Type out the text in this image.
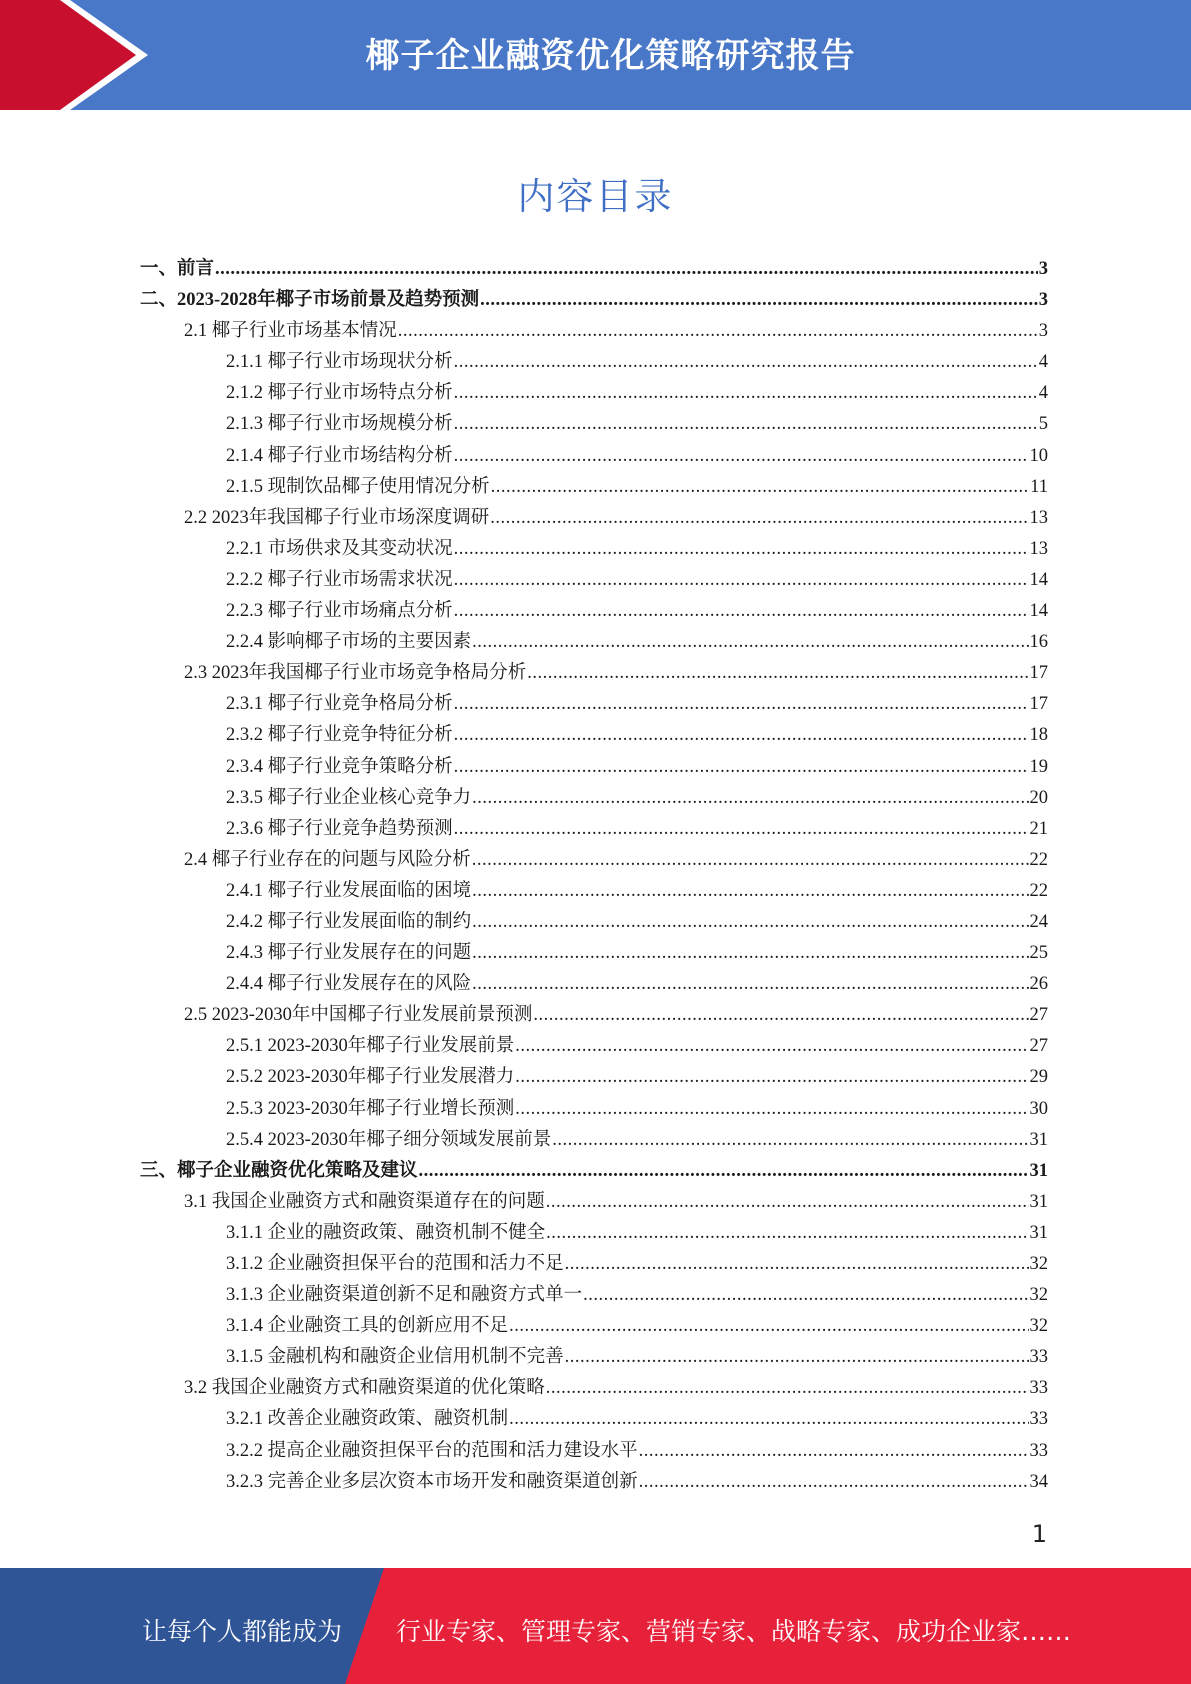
椰子企业融资优化策略研究报告
内容目录
一、前言 .....	3
二、2023-2028年椰子市场前景及趋势预测 .....	3
2.1 椰子行业市场基本情况 .....	3
2.1.1 椰子行业市场现状分析 .....	4
2.1.2 椰子行业市场特点分析 .....	4
2.1.3 椰子行业市场规模分析 .....	5
2.1.4 椰子行业市场结构分析 .....	10
2.1.5 现制饮品椰子使用情况分析 .....	11
2.2 2023年我国椰子行业市场深度调研 .....	13
2.2.1 市场供求及其变动状况 .....	13
2.2.2 椰子行业市场需求状况 .....	14
2.2.3 椰子行业市场痛点分析 .....	14
2.2.4 影响椰子市场的主要因素 .....	16
2.3 2023年我国椰子行业市场竞争格局分析 .....	17
2.3.1 椰子行业竞争格局分析 .....	17
2.3.2 椰子行业竞争特征分析 .....	18
2.3.4 椰子行业竞争策略分析 .....	19
2.3.5 椰子行业企业核心竞争力 .....	20
2.3.6 椰子行业竞争趋势预测 .....	21
2.4 椰子行业存在的问题与风险分析 .....	22
2.4.1 椰子行业发展面临的困境 .....	22
2.4.2 椰子行业发展面临的制约 .....	24
2.4.3 椰子行业发展存在的问题 .....	25
2.4.4 椰子行业发展存在的风险 .....	26
2.5 2023-2030年中国椰子行业发展前景预测 .....	27
2.5.1 2023-2030年椰子行业发展前景 .....	27
2.5.2 2023-2030年椰子行业发展潜力 .....	29
2.5.3 2023-2030年椰子行业增长预测 .....	30
2.5.4 2023-2030年椰子细分领域发展前景 .....	31
三、椰子企业融资优化策略及建议 .....	31
3.1 我国企业融资方式和融资渠道存在的问题 .....	31
3.1.1 企业的融资政策、融资机制不健全 .....	31
3.1.2 企业融资担保平台的范围和活力不足 .....	32
3.1.3 企业融资渠道创新不足和融资方式单一 .....	32
3.1.4 企业融资工具的创新应用不足 .....	32
3.1.5 金融机构和融资企业信用机制不完善 .....	33
3.2 我国企业融资方式和融资渠道的优化策略 .....	33
3.2.1 改善企业融资政策、融资机制 .....	33
3.2.2 提高企业融资担保平台的范围和活力建设水平 .....	33
3.2.3 完善企业多层次资本市场开发和融资渠道创新 .....	34
1
让每个人都能成为 行业专家、管理专家、营销专家、战略专家、成功企业家……
